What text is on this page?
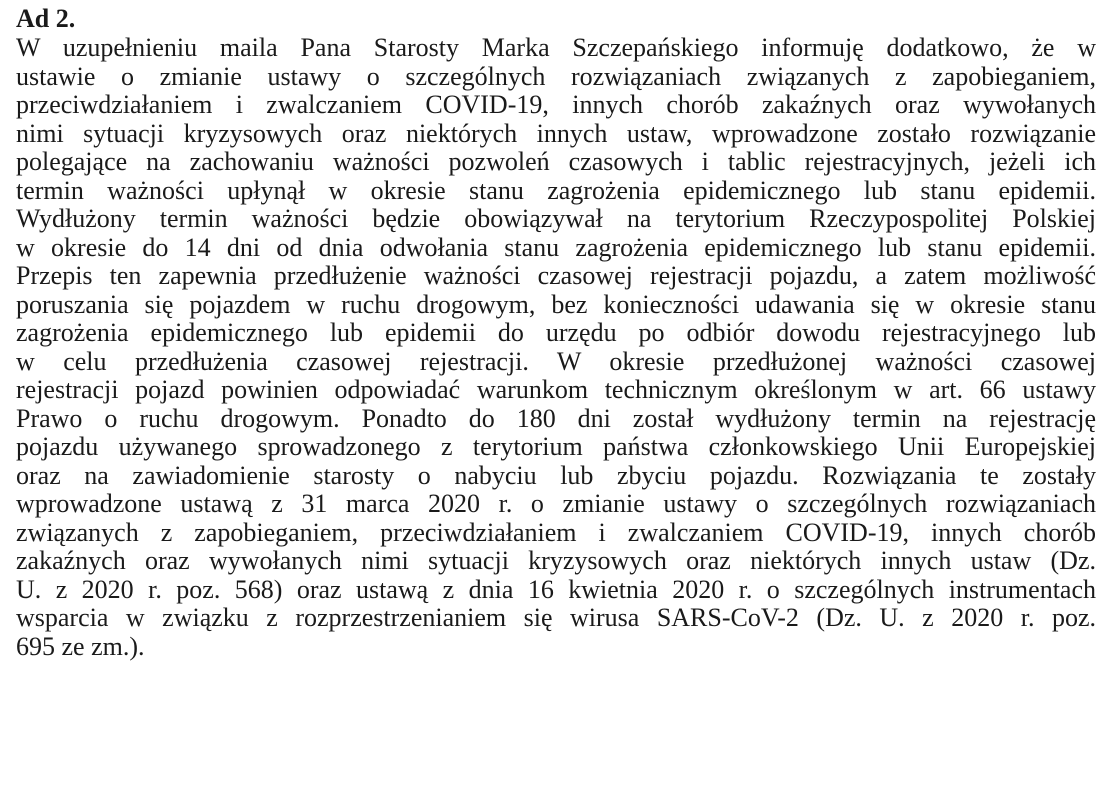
Ad 2.
W uzupełnieniu maila Pana Starosty Marka Szczepańskiego informuję dodatkowo, że w
ustawie o zmianie ustawy o szczególnych rozwiązaniach związanych z zapobieganiem,
przeciwdziałaniem i zwalczaniem COVID-19, innych chorób zakaźnych oraz wywołanych
nimi sytuacji kryzysowych oraz niektórych innych ustaw, wprowadzone zostało rozwiązanie
polegające na zachowaniu ważności pozwoleń czasowych i tablic rejestracyjnych, jeżeli ich
termin ważności upłynął w okresie stanu zagrożenia epidemicznego lub stanu epidemii.
Wydłużony termin ważności będzie obowiązywał na terytorium Rzeczypospolitej Polskiej
w okresie do 14 dni od dnia odwołania stanu zagrożenia epidemicznego lub stanu epidemii.
Przepis ten zapewnia przedłużenie ważności czasowej rejestracji pojazdu, a zatem możliwość
poruszania się pojazdem w ruchu drogowym, bez konieczności udawania się w okresie stanu
zagrożenia epidemicznego lub epidemii do urzędu po odbiór dowodu rejestracyjnego lub
w celu przedłużenia czasowej rejestracji. W okresie przedłużonej ważności czasowej
rejestracji pojazd powinien odpowiadać warunkom technicznym określonym w art. 66 ustawy
Prawo o ruchu drogowym. Ponadto do 180 dni został wydłużony termin na rejestrację
pojazdu używanego sprowadzonego z terytorium państwa członkowskiego Unii Europejskiej
oraz na zawiadomienie starosty o nabyciu lub zbyciu pojazdu. Rozwiązania te zostały
wprowadzone ustawą z 31 marca 2020 r. o zmianie ustawy o szczególnych rozwiązaniach
związanych z zapobieganiem, przeciwdziałaniem i zwalczaniem COVID-19, innych chorób
zakaźnych oraz wywołanych nimi sytuacji kryzysowych oraz niektórych innych ustaw (Dz.
U. z 2020 r. poz. 568) oraz ustawą z dnia 16 kwietnia 2020 r. o szczególnych instrumentach
wsparcia w związku z rozprzestrzenianiem się wirusa SARS-CoV-2 (Dz. U. z 2020 r. poz.
695 ze zm.).
